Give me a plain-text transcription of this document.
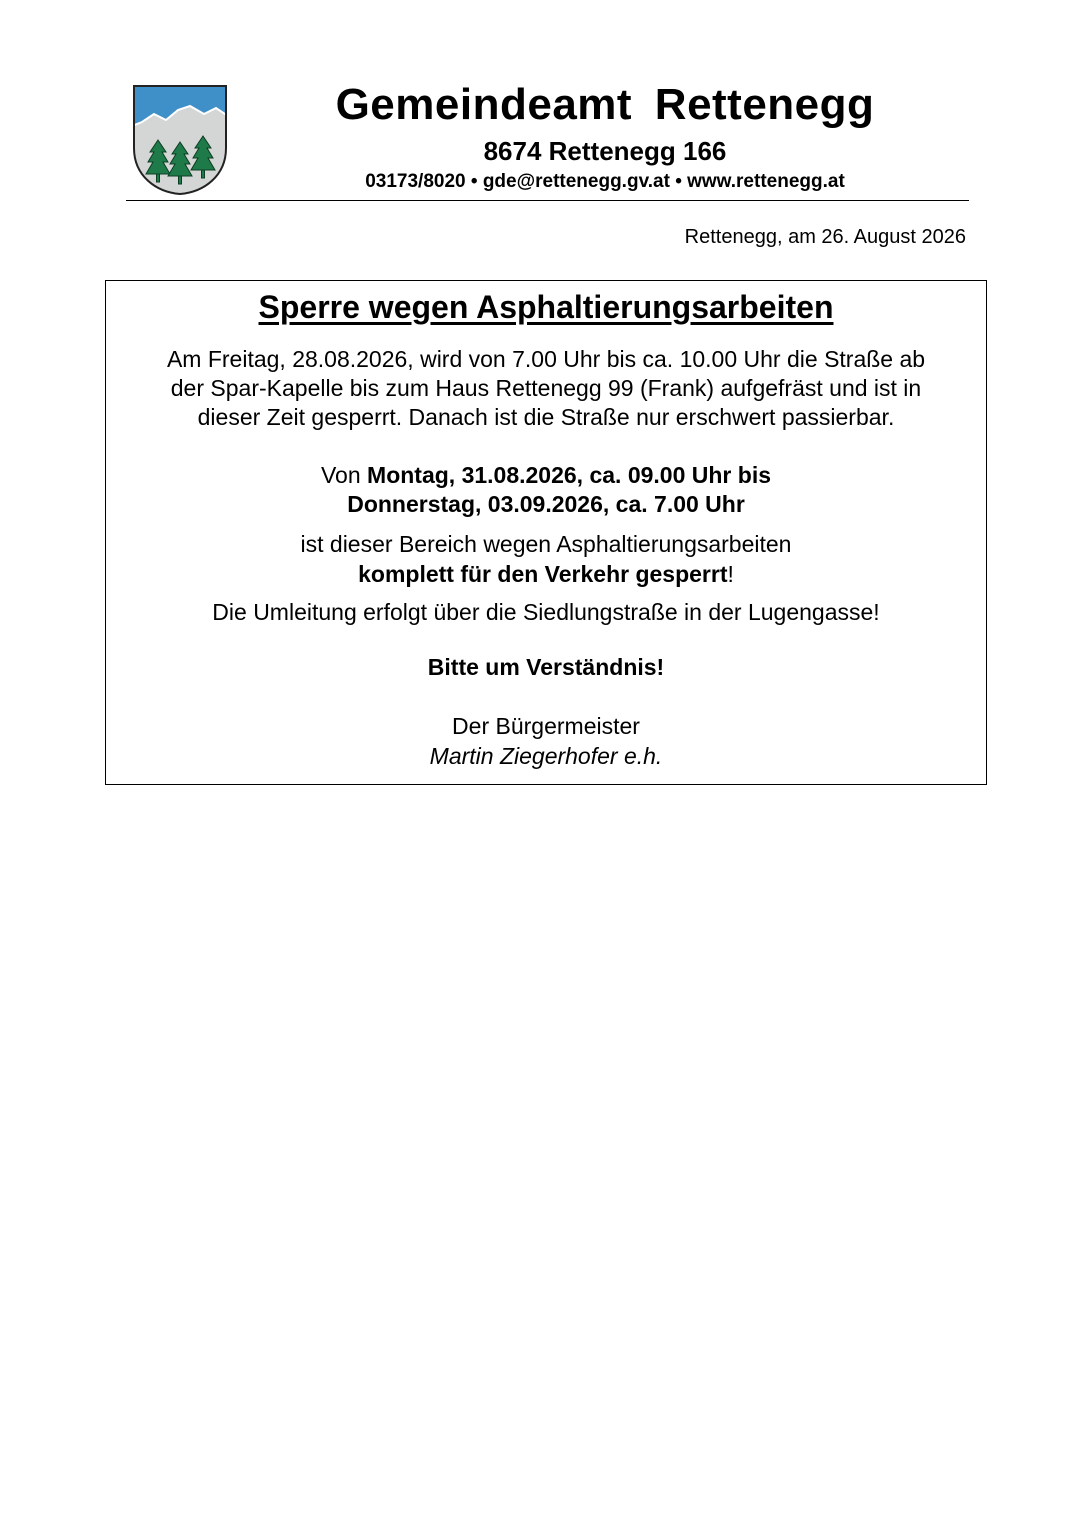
Gemeindeamt Rettenegg
8674 Rettenegg 166
03173/8020 • gde@rettenegg.gv.at • www.rettenegg.at
Rettenegg, am 26. August 2026
Sperre wegen Asphaltierungsarbeiten
Am Freitag, 28.08.2026, wird von 7.00 Uhr bis ca. 10.00 Uhr die Straße ab
der Spar-Kapelle bis zum Haus Rettenegg 99 (Frank) aufgefräst und ist in
dieser Zeit gesperrt. Danach ist die Straße nur erschwert passierbar.
Von Montag, 31.08.2026, ca. 09.00 Uhr bis
Donnerstag, 03.09.2026, ca. 7.00 Uhr
ist dieser Bereich wegen Asphaltierungsarbeiten
komplett für den Verkehr gesperrt!
Die Umleitung erfolgt über die Siedlungstraße in der Lugengasse!
Bitte um Verständnis!
Der Bürgermeister
Martin Ziegerhofer e.h.
